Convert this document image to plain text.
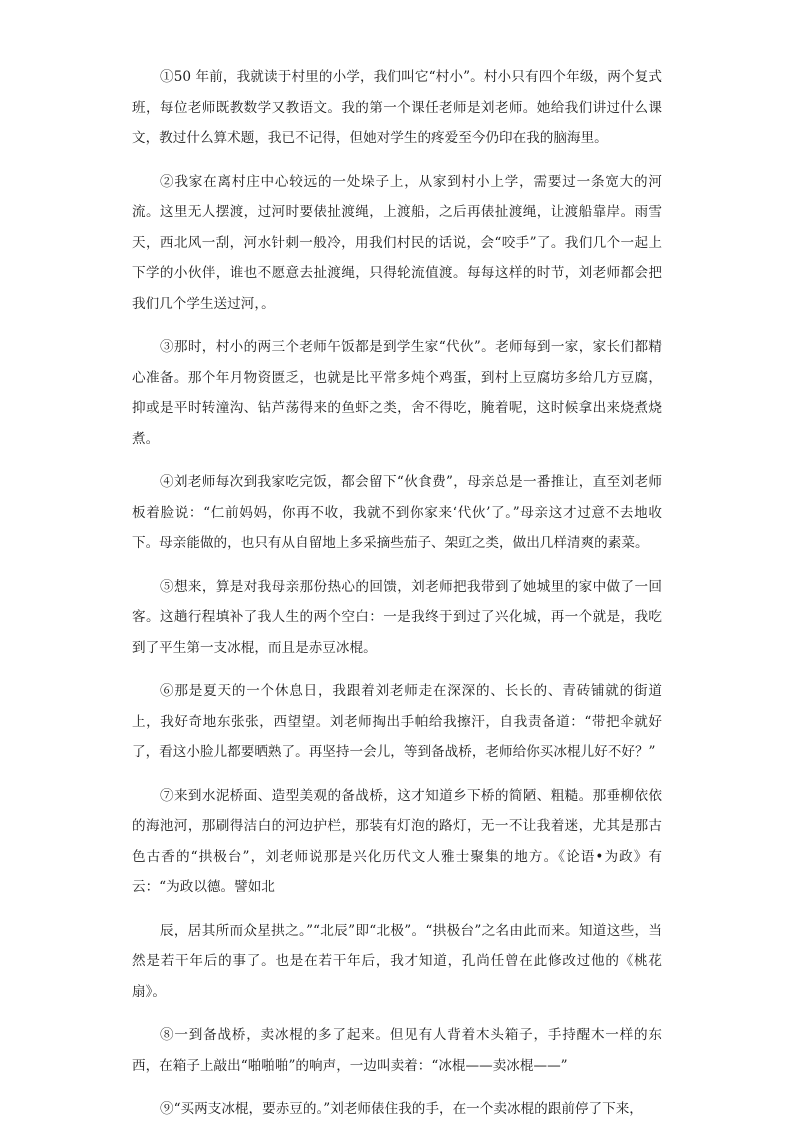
①50 年前，我就读于村里的小学，我们叫它“村小”。村小只有四个年级，两个复式班，每位老师既教数学又教语文。我的第一个课任老师是刘老师。她给我们讲过什么课文，教过什么算术题，我已不记得，但她对学生的疼爱至今仍印在我的脑海里。

②我家在离村庄中心较远的一处垛子上，从家到村小上学，需要过一条宽大的河流。这里无人摆渡，过河时要俵扯渡绳，上渡船，之后再俵扯渡绳，让渡船靠岸。雨雪天，西北风一刮，河水针刺一般冷，用我们村民的话说，会“咬手”了。我们几个一起上下学的小伙伴，谁也不愿意去扯渡绳，只得轮流值渡。每每这样的时节，刘老师都会把我们几个学生送过河，。

③那时，村小的两三个老师午饭都是到学生家“代伙”。老师每到一家，家长们都精心准备。那个年月物资匮乏，也就是比平常多炖个鸡蛋，到村上豆腐坊多给几方豆腐，抑或是平时转潼沟、钻芦荡得来的鱼虾之类，舍不得吃，腌着呢，这时候拿出来烧煮烧煮。

④刘老师每次到我家吃完饭，都会留下“伙食费”，母亲总是一番推让，直至刘老师板着脸说：“仁前妈妈，你再不收，我就不到你家来‘代伙’了。”母亲这才过意不去地收下。母亲能做的，也只有从自留地上多采摘些茄子、架豇之类，做出几样清爽的素菜。

⑤想来，算是对我母亲那份热心的回馈，刘老师把我带到了她城里的家中做了一回客。这趟行程填补了我人生的两个空白：一是我终于到过了兴化城，再一个就是，我吃到了平生第一支冰棍，而且是赤豆冰棍。

⑥那是夏天的一个休息日，我跟着刘老师走在深深的、长长的、青砖铺就的街道上，我好奇地东张张，西望望。刘老师掏出手帕给我擦汗，自我责备道：“带把伞就好了，看这小脸儿都要晒熟了。再坚持一会儿，等到备战桥，老师给你买冰棍儿好不好？”

⑦来到水泥桥面、造型美观的备战桥，这才知道乡下桥的简陋、粗糙。那垂柳依依的海池河，那刷得洁白的河边护栏，那装有灯泡的路灯，无一不让我着迷，尤其是那古色古香的“拱极台”，刘老师说那是兴化历代文人雅士聚集的地方。《论语•为政》有云：“为政以德。譬如北

辰，居其所而众星拱之。”“北辰”即“北极”。“拱极台”之名由此而来。知道这些，当然是若干年后的事了。也是在若干年后，我才知道，孔尚任曾在此修改过他的《桃花扇》。

⑧一到备战桥，卖冰棍的多了起来。但见有人背着木头箱子，手持醒木一样的东西，在箱子上敲出“啪啪啪”的响声，一边叫卖着：“冰棍——卖冰棍——”

⑨“买两支冰棍，要赤豆的。”刘老师俵住我的手，在一个卖冰棍的跟前停了下来，
